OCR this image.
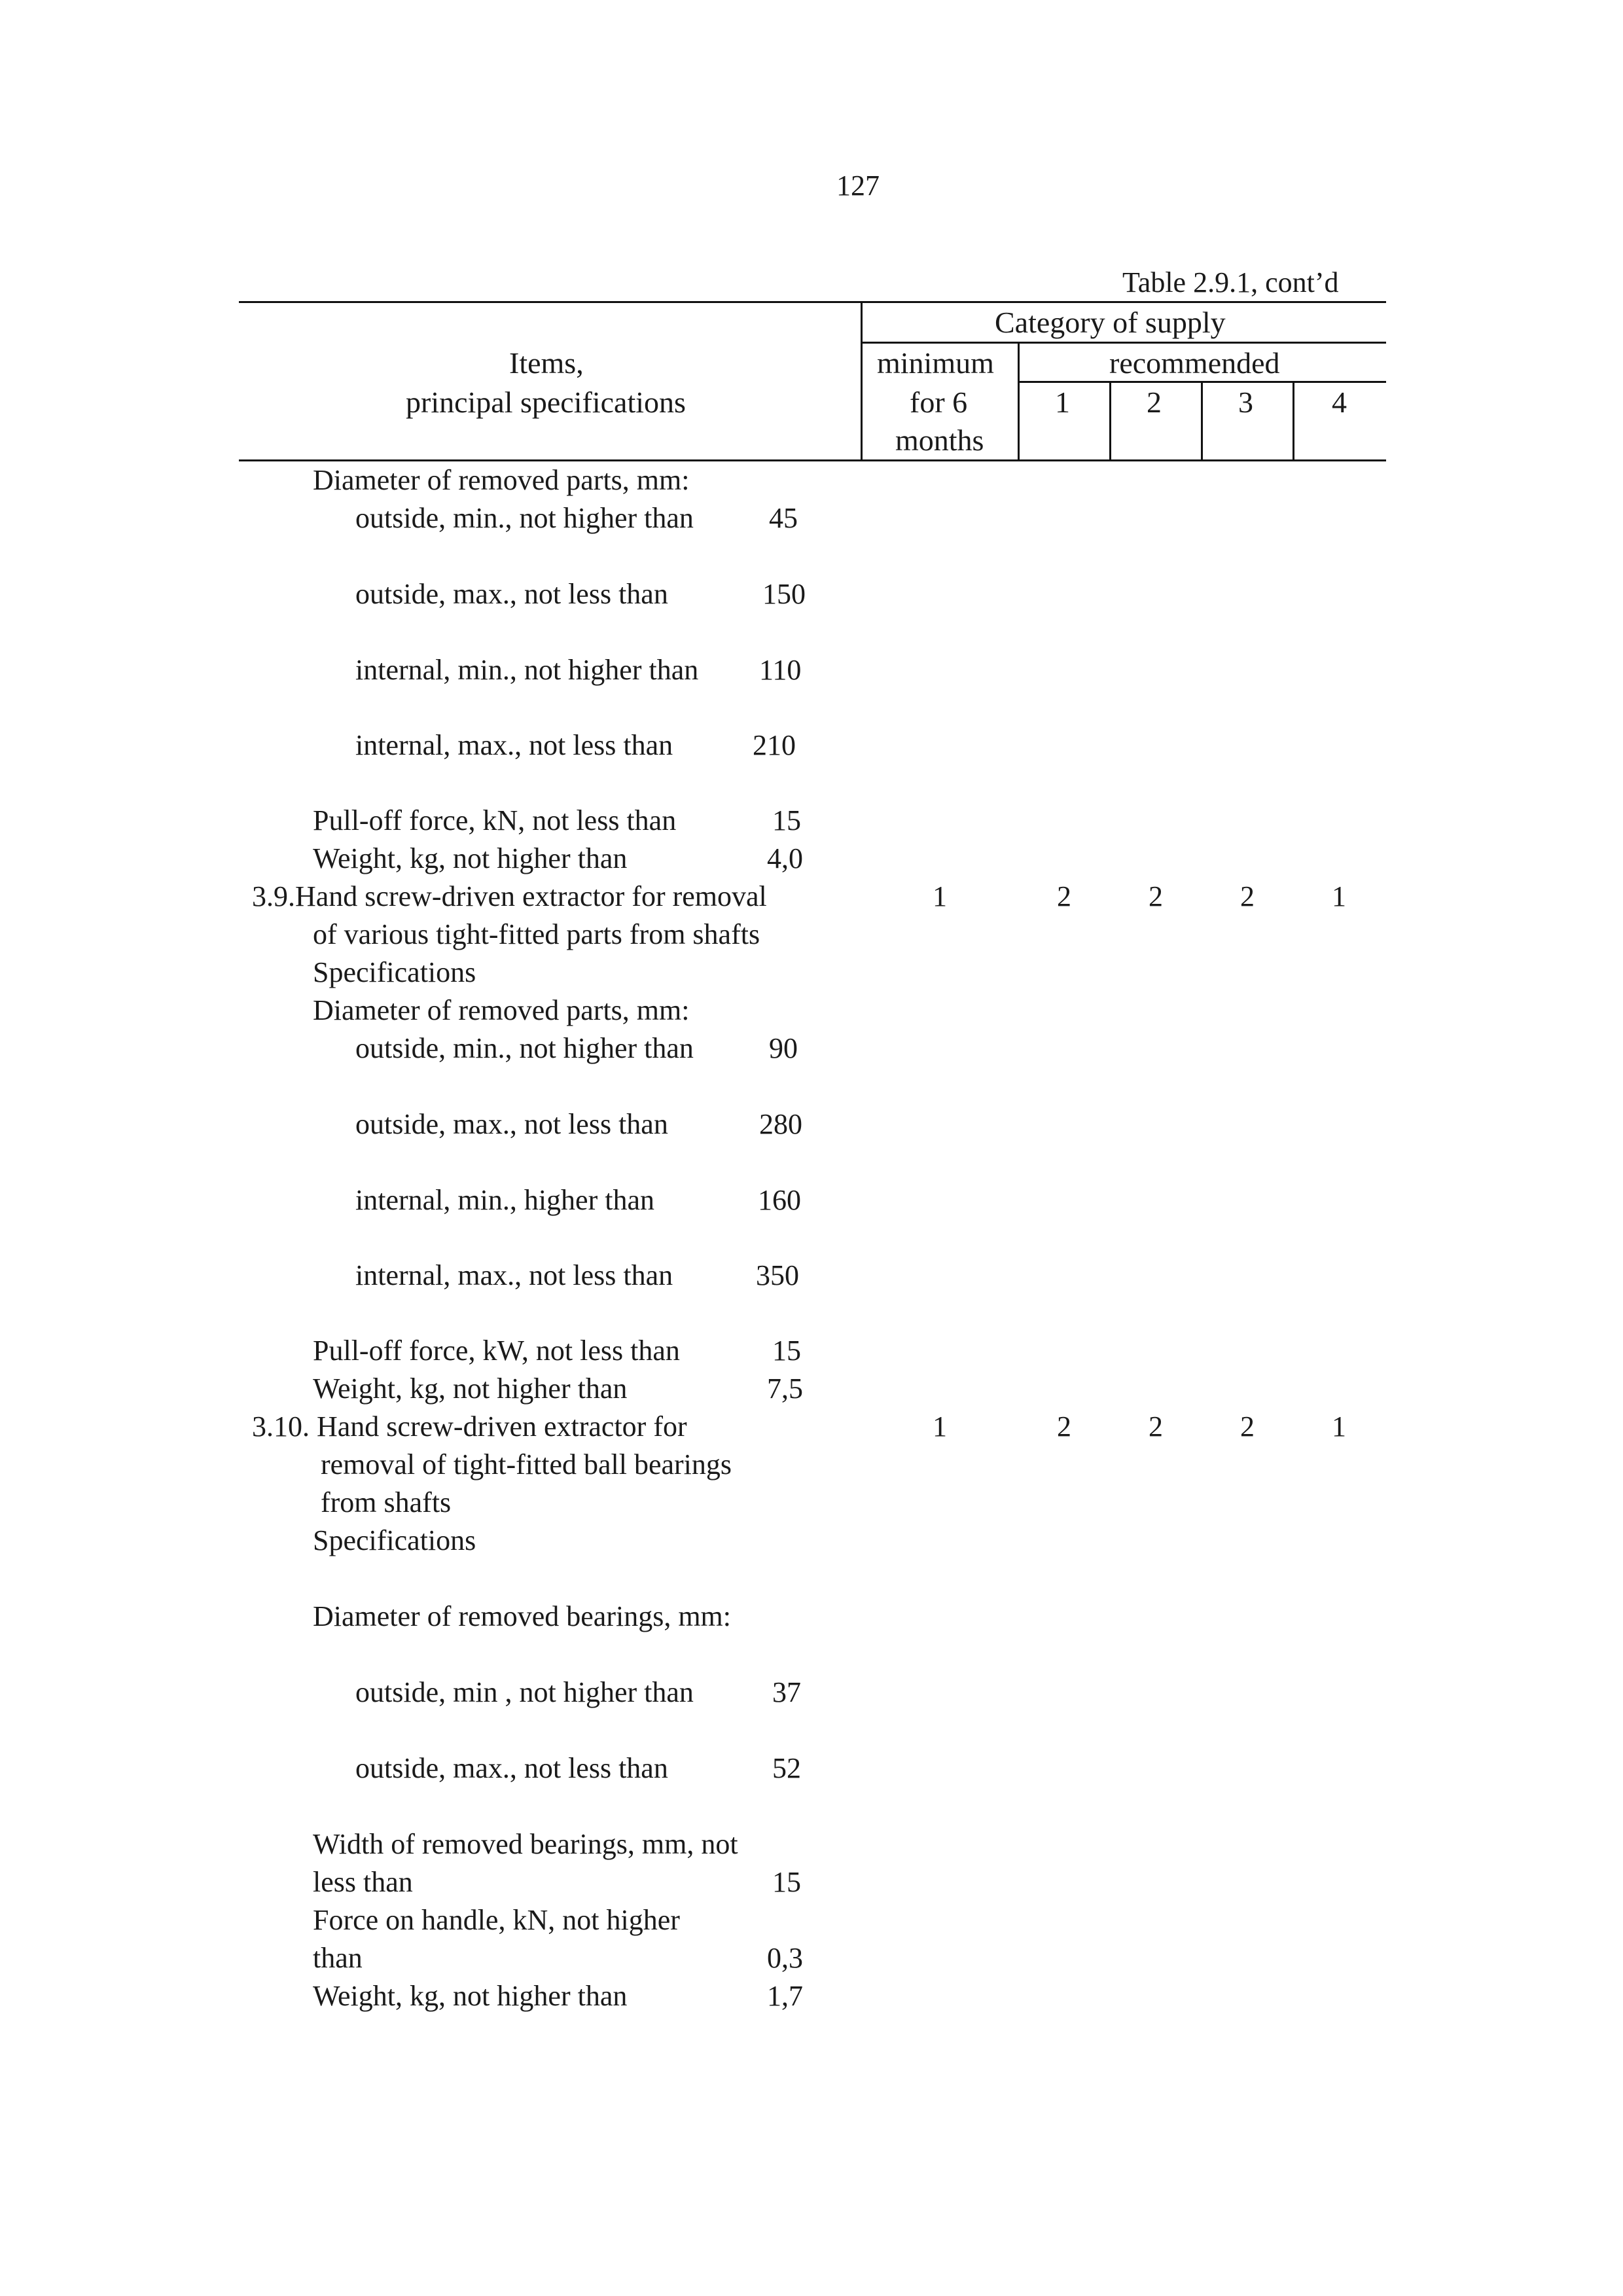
127
Table 2.9.1, cont’d
Items,
principal specifications
Category of supply
minimum
for 6
months
recommended
1	2	3	4
Diameter of removed parts, mm:
outside, min., not higher than	45
outside, max., not less than	150
internal, min., not higher than 110
internal, max., not less than	210
Pull-off force, kN, not less than	15
Weight, kg, not higher than	4,0
3.9.Hand screw-driven extractor for removal	1	2	2	2	1
of various tight-fitted parts from shafts
Specifications
Diameter of removed parts, mm:
outside, min., not higher than	90
outside, max., not less than	280
internal, min., higher than	160
internal, max., not less than	350
Pull-off force, kW, not less than	15
Weight, kg, not higher than	7,5
3.10. Hand screw-driven extractor for	1	2	2	2	1
removal of tight-fitted ball bearings
from shafts
Specifications
Diameter of removed bearings, mm:
outside, min , not higher than	37
outside, max., not less than	52
Width of removed bearings, mm, not
less than	15
Force on handle, kN, not higher
than	0,3
Weight, kg, not higher than	1,7
